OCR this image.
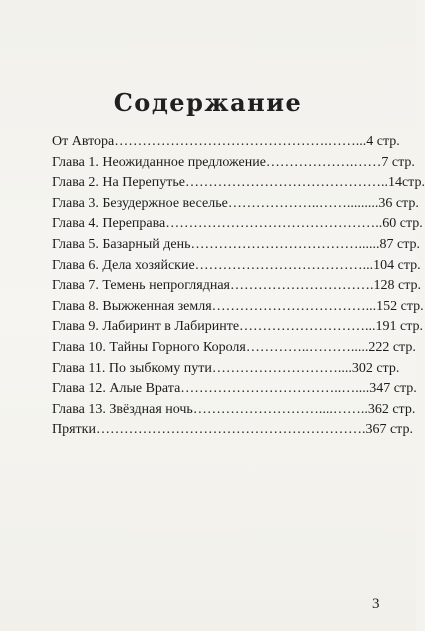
Содержание
От Автора……………………………………….……...4 стр.
Глава 1. Неожиданное предложение……………….……7 стр.
Глава 2. На Перепутье……………………………………..14стр.
Глава 3. Безудержное веселье………………..…….........36 стр.
Глава 4. Переправа………………………………………..60 стр.
Глава 5. Базарный день………………………………......87 стр.
Глава 6. Дела хозяйские………………………………...104 стр.
Глава 7. Темень непроглядная………………………….128 стр.
Глава 8. Выжженная земля……………………………...152 стр.
Глава 9. Лабиринт в Лабиринте………………………...191 стр.
Глава 10. Тайны Горного Короля…………..……….....222 стр.
Глава 11. По зыбкому пути………………………....302 стр.
Глава 12. Алые Врата……………………………..…....347 стр.
Глава 13. Звёздная ночь………………………....……..362 стр.
Прятки………………………………………………….367 стр.
3
